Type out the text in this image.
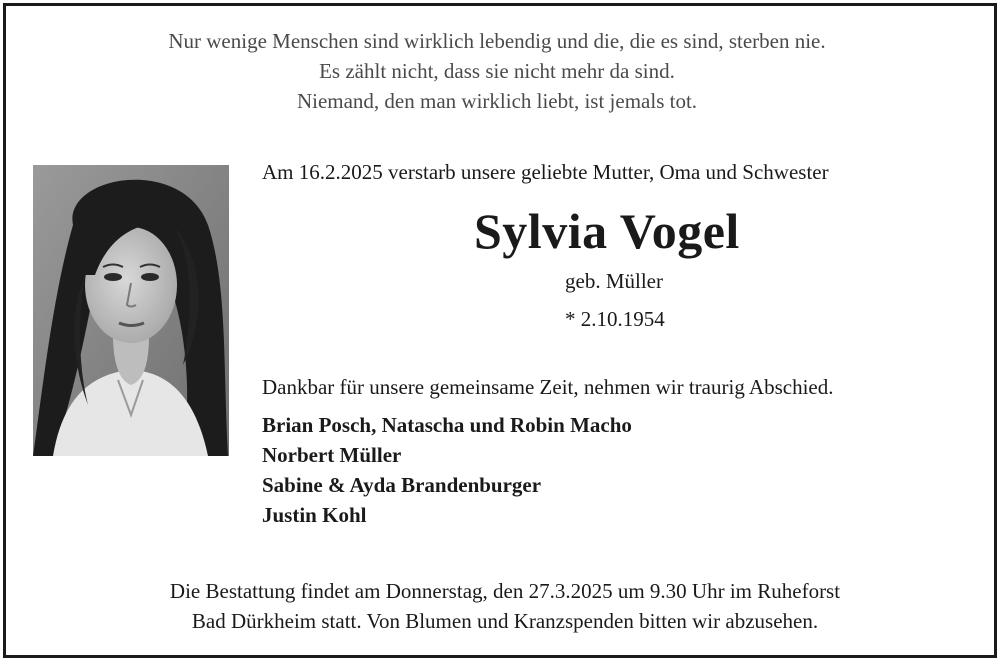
Nur wenige Menschen sind wirklich lebendig und die, die es sind, sterben nie.
Es zählt nicht, dass sie nicht mehr da sind.
Niemand, den man wirklich liebt, ist jemals tot.
Am 16.2.2025 verstarb unsere geliebte Mutter, Oma und Schwester
Sylvia Vogel
geb. Müller
* 2.10.1954
Dankbar für unsere gemeinsame Zeit, nehmen wir traurig Abschied.
Brian Posch, Natascha und Robin Macho
Norbert Müller
Sabine & Ayda Brandenburger
Justin Kohl
Die Bestattung findet am Donnerstag, den 27.3.2025 um 9.30 Uhr im Ruheforst
Bad Dürkheim statt. Von Blumen und Kranzspenden bitten wir abzusehen.
